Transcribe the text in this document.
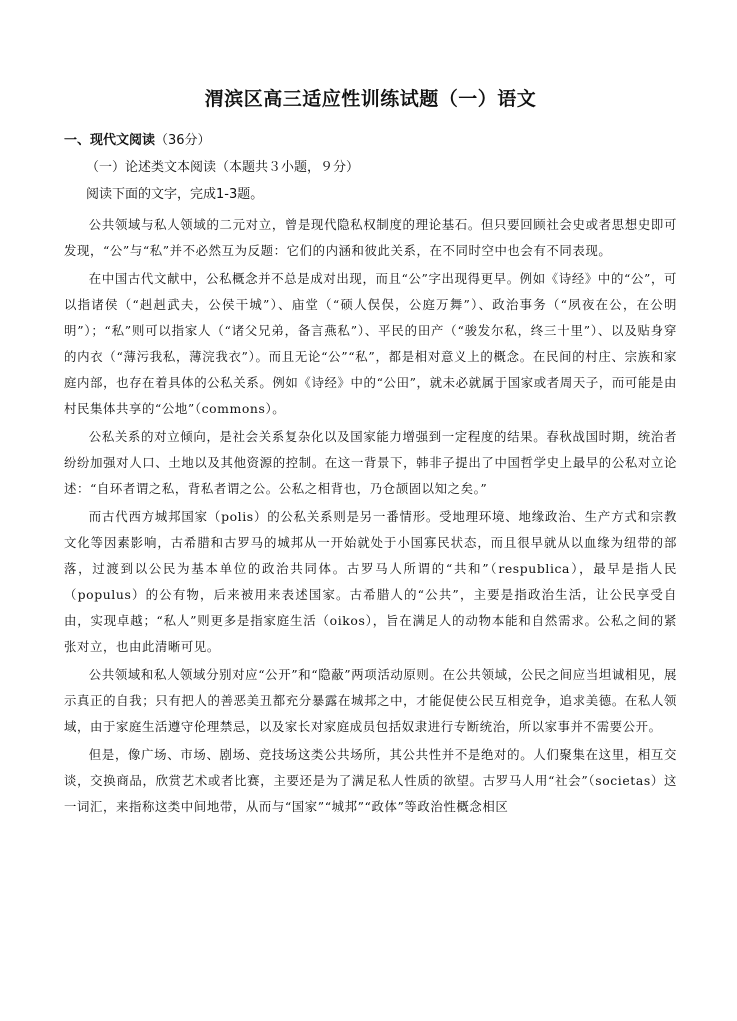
渭滨区高三适应性训练试题（一）语文
一、现代文阅读（36分）
（一）论述类文本阅读（本题共３小题，９分）
阅读下面的文字，完成1-3题。

公共领域与私人领域的二元对立，曾是现代隐私权制度的理论基石。但只要回顾社会史或者思想史即可发现，“公”与“私”并不必然互为反题：它们的内涵和彼此关系，在不同时空中也会有不同表现。

在中国古代文献中，公私概念并不总是成对出现，而且“公”字出现得更早。例如《诗经》中的“公”，可以指诸侯（“赳赳武夫，公侯干城”）、庙堂（“硕人俣俣，公庭万舞”）、政治事务（“夙夜在公，在公明明”）；“私”则可以指家人（“诸父兄弟，备言燕私”）、平民的田产（“骏发尔私，终三十里”）、以及贴身穿的内衣（“薄污我私，薄浣我衣”）。而且无论“公”“私”，都是相对意义上的概念。在民间的村庄、宗族和家庭内部，也存在着具体的公私关系。例如《诗经》中的“公田”，就未必就属于国家或者周天子，而可能是由村民集体共享的“公地”（commons）。

公私关系的对立倾向，是社会关系复杂化以及国家能力增强到一定程度的结果。春秋战国时期，统治者纷纷加强对人口、土地以及其他资源的控制。在这一背景下，韩非子提出了中国哲学史上最早的公私对立论述：“自环者谓之私，背私者谓之公。公私之相背也，乃仓颉固以知之矣。”

而古代西方城邦国家（polis）的公私关系则是另一番情形。受地理环境、地缘政治、生产方式和宗教文化等因素影响，古希腊和古罗马的城邦从一开始就处于小国寡民状态，而且很早就从以血缘为纽带的部落，过渡到以公民为基本单位的政治共同体。古罗马人所谓的“共和”（respublica），最早是指人民（populus）的公有物，后来被用来表述国家。古希腊人的“公共”，主要是指政治生活，让公民享受自由，实现卓越；“私人”则更多是指家庭生活（oikos），旨在满足人的动物本能和自然需求。公私之间的紧张对立，也由此清晰可见。

公共领域和私人领域分别对应“公开”和“隐蔽”两项活动原则。在公共领域，公民之间应当坦诚相见，展示真正的自我；只有把人的善恶美丑都充分暴露在城邦之中，才能促使公民互相竞争，追求美德。在私人领域，由于家庭生活遵守伦理禁忌，以及家长对家庭成员包括奴隶进行专断统治，所以家事并不需要公开。

但是，像广场、市场、剧场、竞技场这类公共场所，其公共性并不是绝对的。人们聚集在这里，相互交谈，交换商品，欣赏艺术或者比赛，主要还是为了满足私人性质的欲望。古罗马人用“社会”（societas）这一词汇，来指称这类中间地带，从而与“国家”“城邦”“政体”等政治性概念相区
